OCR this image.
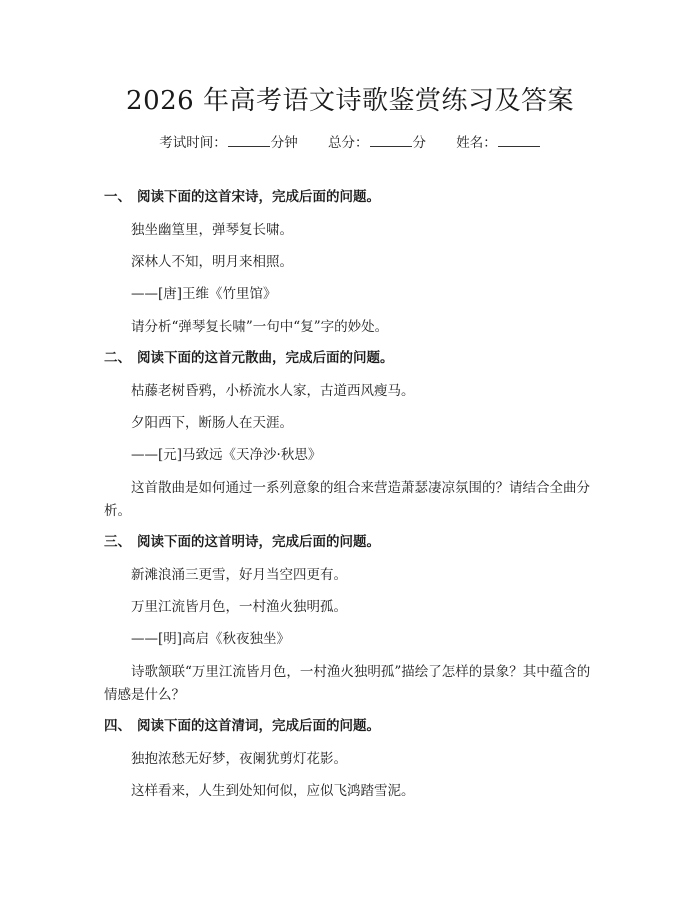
2026 年高考语文诗歌鉴赏练习及答案
考试时间：	分钟 总分：	分 姓名：
一、 阅读下面的这首宋诗，完成后面的问题。
独坐幽篁里，弹琴复长啸。
深林人不知，明月来相照。
——[唐]王维《竹里馆》
请分析“弹琴复长啸”一句中“复”字的妙处。
二、 阅读下面的这首元散曲，完成后面的问题。
枯藤老树昏鸦，小桥流水人家，古道西风瘦马。
夕阳西下，断肠人在天涯。
——[元]马致远《天净沙·秋思》
这首散曲是如何通过一系列意象的组合来营造萧瑟凄凉氛围的？请结合全曲分析。
三、 阅读下面的这首明诗，完成后面的问题。
新滩浪涌三更雪，好月当空四更有。
万里江流皆月色，一村渔火独明孤。
——[明]高启《秋夜独坐》
诗歌颔联“万里江流皆月色，一村渔火独明孤”描绘了怎样的景象？其中蕴含的情感是什么？
四、 阅读下面的这首清词，完成后面的问题。
独抱浓愁无好梦，夜阑犹剪灯花影。
这样看来，人生到处知何似，应似飞鸿踏雪泥。
